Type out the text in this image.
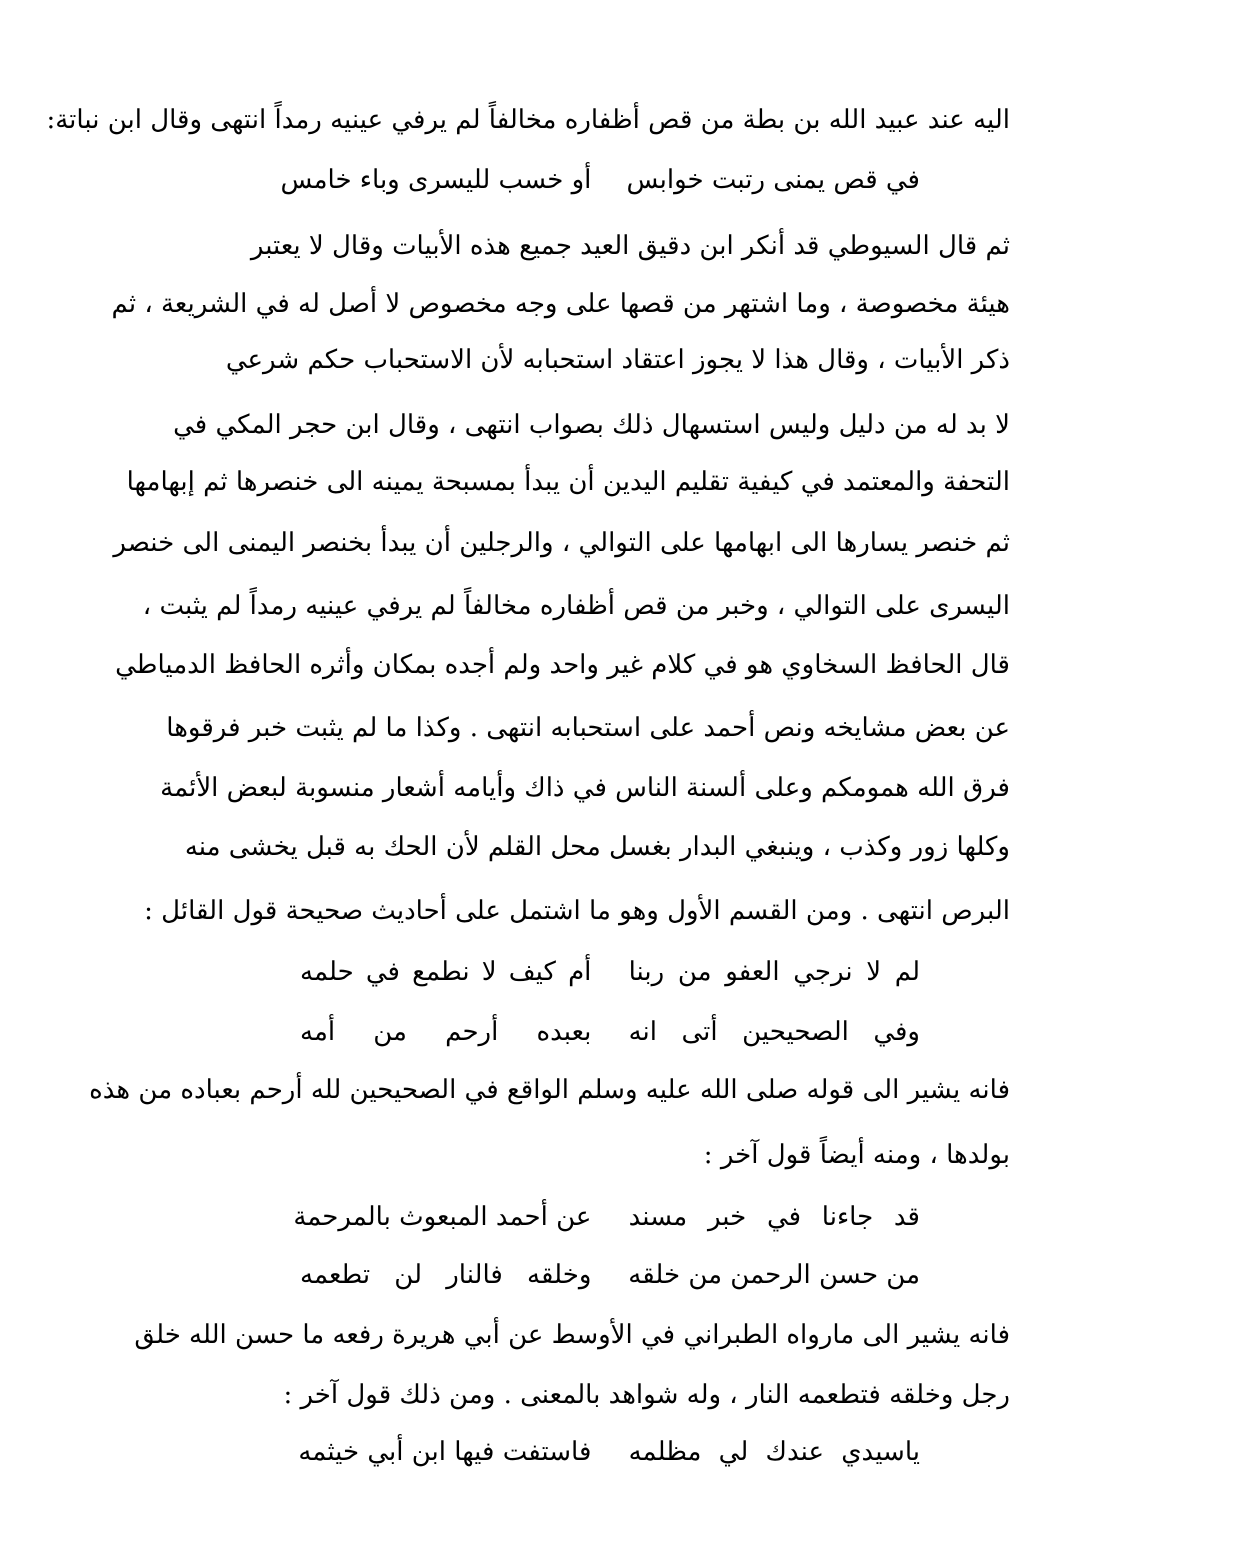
اليه عند عبيد الله بن بطة من قص أظفاره مخالفاً لم يرفي عينيه رمداً انتهى وقال ابن نباتة:
في قص يمنى رتبت خوابس
أو خسب لليسرى وباء خامس
ثم قال السيوطي قد أنكر ابن دقيق العيد جميع هذه الأبيات وقال لا يعتبر
هيئة مخصوصة ، وما اشتهر من قصها على وجه مخصوص لا أصل له في الشريعة ، ثم
ذكر الأبيات ، وقال هذا لا يجوز اعتقاد استحبابه لأن الاستحباب حكم شرعي
لا بد له من دليل وليس استسهال ذلك بصواب انتهى ، وقال ابن حجر المكي في
التحفة والمعتمد في كيفية تقليم اليدين أن يبدأ بمسبحة يمينه الى خنصرها ثم إبهامها
ثم خنصر يسارها الى ابهامها على التوالي ، والرجلين أن يبدأ بخنصر اليمنى الى خنصر
اليسرى على التوالي ، وخبر من قص أظفاره مخالفاً لم يرفي عينيه رمداً لم يثبت ،
قال الحافظ السخاوي هو في كلام غير واحد ولم أجده بمكان وأثره الحافظ الدمياطي
عن بعض مشايخه ونص أحمد على استحبابه انتهى . وكذا ما لم يثبت خبر فرقوها
فرق الله همومكم وعلى ألسنة الناس في ذاك وأيامه أشعار منسوبة لبعض الأئمة
وكلها زور وكذب ، وينبغي البدار بغسل محل القلم لأن الحك به قبل يخشى منه
البرص انتهى . ومن القسم الأول وهو ما اشتمل على أحاديث صحيحة قول القائل :
لم لا نرجي العفو من ربنا
أم كيف لا نطمع في حلمه
وفي الصحيحين أتى انه
بعبده أرحم من أمه
فانه يشير الى قوله صلى الله عليه وسلم الواقع في الصحيحين لله أرحم بعباده من هذه
بولدها ، ومنه أيضاً قول آخر :
قد جاءنا في خبر مسند
عن أحمد المبعوث بالمرحمة
من حسن الرحمن من خلقه
وخلقه فالنار لن تطعمه
فانه يشير الى مارواه الطبراني في الأوسط عن أبي هريرة رفعه ما حسن الله خلق
رجل وخلقه فتطعمه النار ، وله شواهد بالمعنى . ومن ذلك قول آخر :
ياسيدي عندك لي مظلمه
فاستفت فيها ابن أبي خيثمه
